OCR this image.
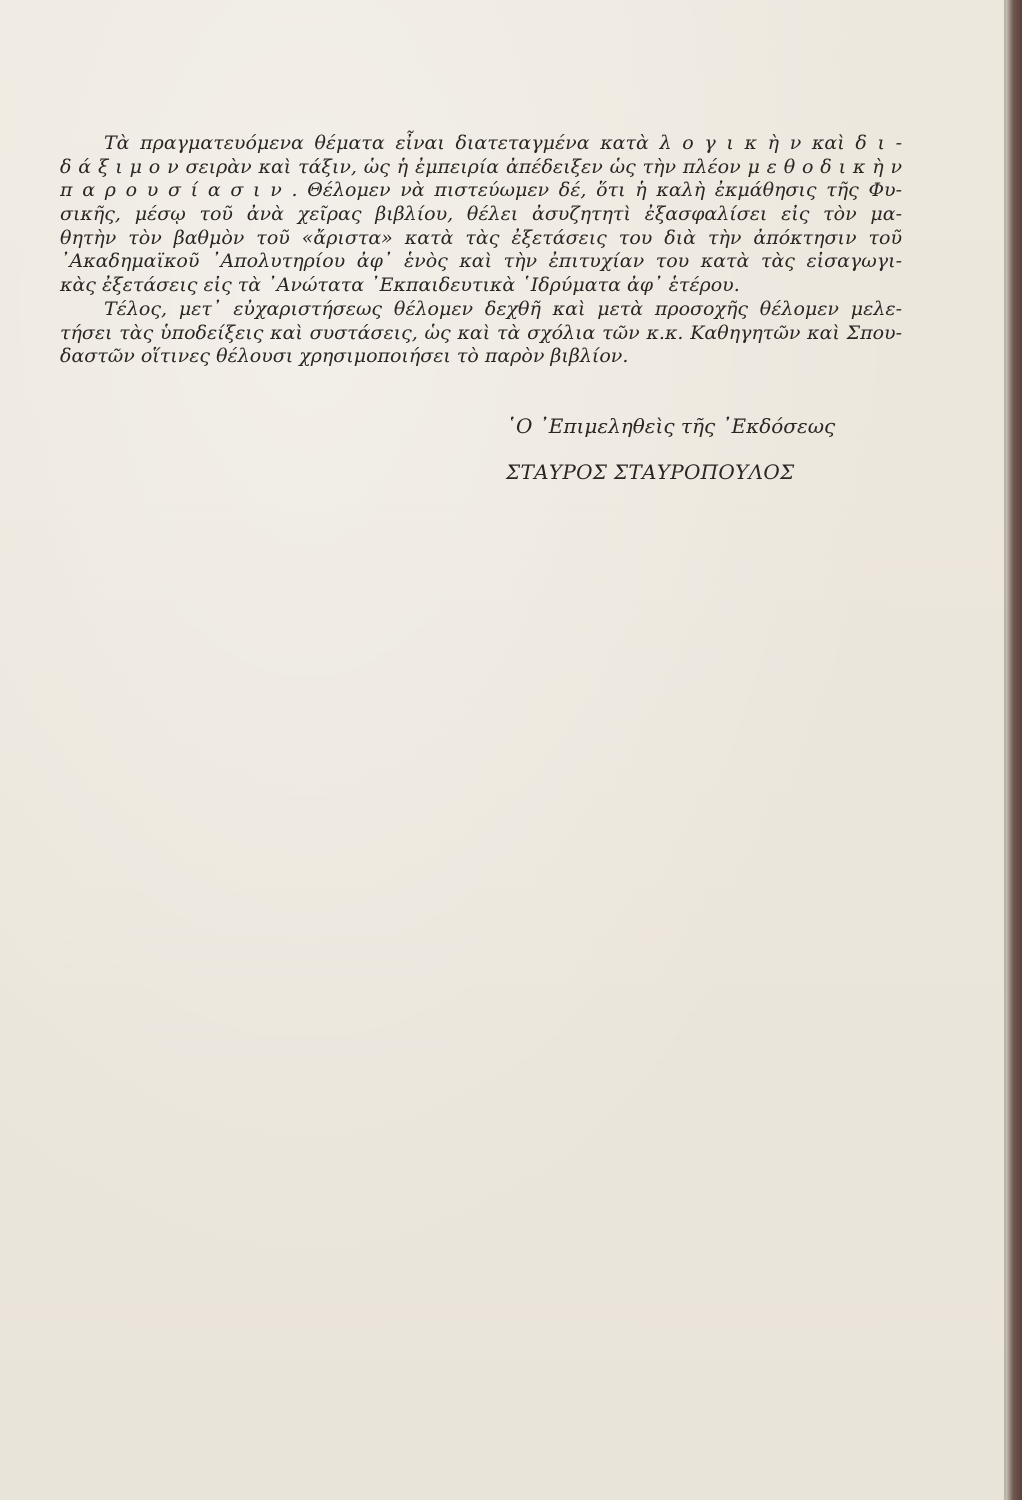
Τὰ πραγματευόμενα θέματα εἶναι διατεταγμένα κατὰ λ ο γ ι κ ὴ ν καὶ δ ι -
δ ά ξ ι μ ο ν σειρὰν καὶ τάξιν, ὡς ἡ ἐμπειρία ἀπέδειξεν ὡς τὴν πλέον μ ε θ ο δ ι κ ὴ ν
π α ρ ο υ σ ί α σ ι ν . Θέλομεν νὰ πιστεύωμεν δέ, ὅτι ἡ καλὴ ἐκμάθησις τῆς Φυ-
σικῆς, μέσῳ τοῦ ἀνὰ χεῖρας βιβλίου, θέλει ἀσυζητητὶ ἐξασφαλίσει εἰς τὸν μα-
θητὴν τὸν βαθμὸν τοῦ «ἄριστα» κατὰ τὰς ἐξετάσεις του διὰ τὴν ἀπόκτησιν τοῦ
᾿Ακαδημαϊκοῦ ᾿Απολυτηρίου ἀφ᾿ ἑνὸς καὶ τὴν ἐπιτυχίαν του κατὰ τὰς εἰσαγωγι-
κὰς ἐξετάσεις εἰς τὰ ᾿Ανώτατα ᾿Εκπαιδευτικὰ ῾Ιδρύματα ἀφ᾿ ἑτέρου.
Τέλος, μετ᾿ εὐχαριστήσεως θέλομεν δεχθῆ καὶ μετὰ προσοχῆς θέλομεν μελε-
τήσει τὰς ὑποδείξεις καὶ συστάσεις, ὡς καὶ τὰ σχόλια τῶν κ.κ. Καθηγητῶν καὶ Σπου-
δαστῶν οἵτινες θέλουσι χρησιμοποιήσει τὸ παρὸν βιβλίον.
῾Ο ᾿Επιμεληθεὶς τῆς ᾿Εκδόσεως
ΣΤΑΥΡΟΣ ΣΤΑΥΡΟΠΟΥΛΟΣ
